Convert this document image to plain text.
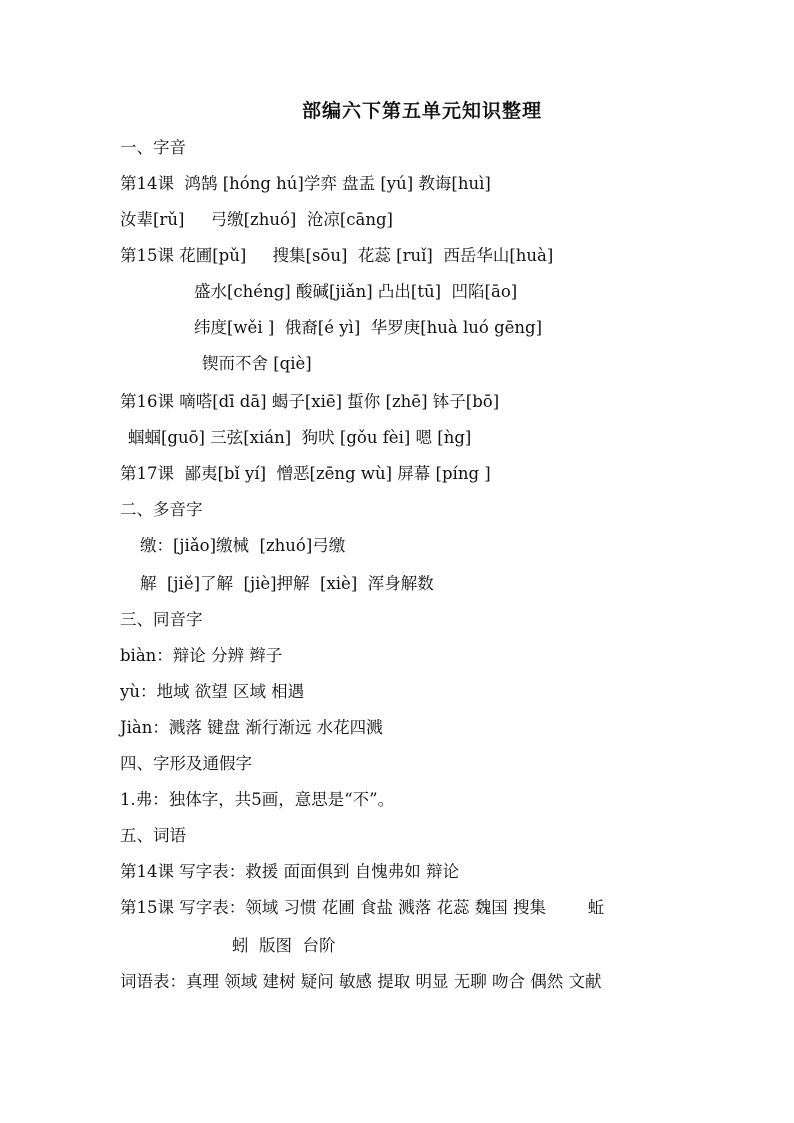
部编六下第五单元知识整理
一、字音
第14课  鸿鹄 [hóng hú]学弈 盘盂 [yú] 教诲[huì]
汝辈[rǔ]     弓缴[zhuó]  沧凉[cāng]
第15课 花圃[pǔ]     搜集[sōu]  花蕊 [ruǐ]  西岳华山[huà]
盛水[chéng] 酸碱[jiǎn] 凸出[tū]  凹陷[āo]
纬度[wěi ]  俄裔[é yì]  华罗庚[huà luó gēng]
锲而不舍 [qiè]
第16课 嘀嗒[dī dā] 蝎子[xiē] 蜇你 [zhē] 钵子[bō]
蝈蝈[guō] 三弦[xián]  狗吠 [gǒu fèi] 嗯 [ǹg]
第17课  鄙夷[bǐ yí]  憎恶[zēng wù] 屏幕 [píng ]
二、多音字
缴：[jiǎo]缴械  [zhuó]弓缴
解  [jiě]了解  [jiè]押解  [xiè]  浑身解数
三、同音字
biàn：辩论 分辨 辫子
yù：地域 欲望 区域 相遇
Jiàn：溅落 键盘 渐行渐远 水花四溅
四、字形及通假字
1.弗：独体字，共5画，意思是“不”。
五、词语
第14课 写字表：救援 面面俱到 自愧弗如 辩论
第15课 写字表：领域 习惯 花圃 食盐 溅落 花蕊 魏国 搜集        蚯
蚓  版图  台阶
词语表：真理 领域 建树 疑问 敏感 提取 明显 无聊 吻合 偶然 文献
